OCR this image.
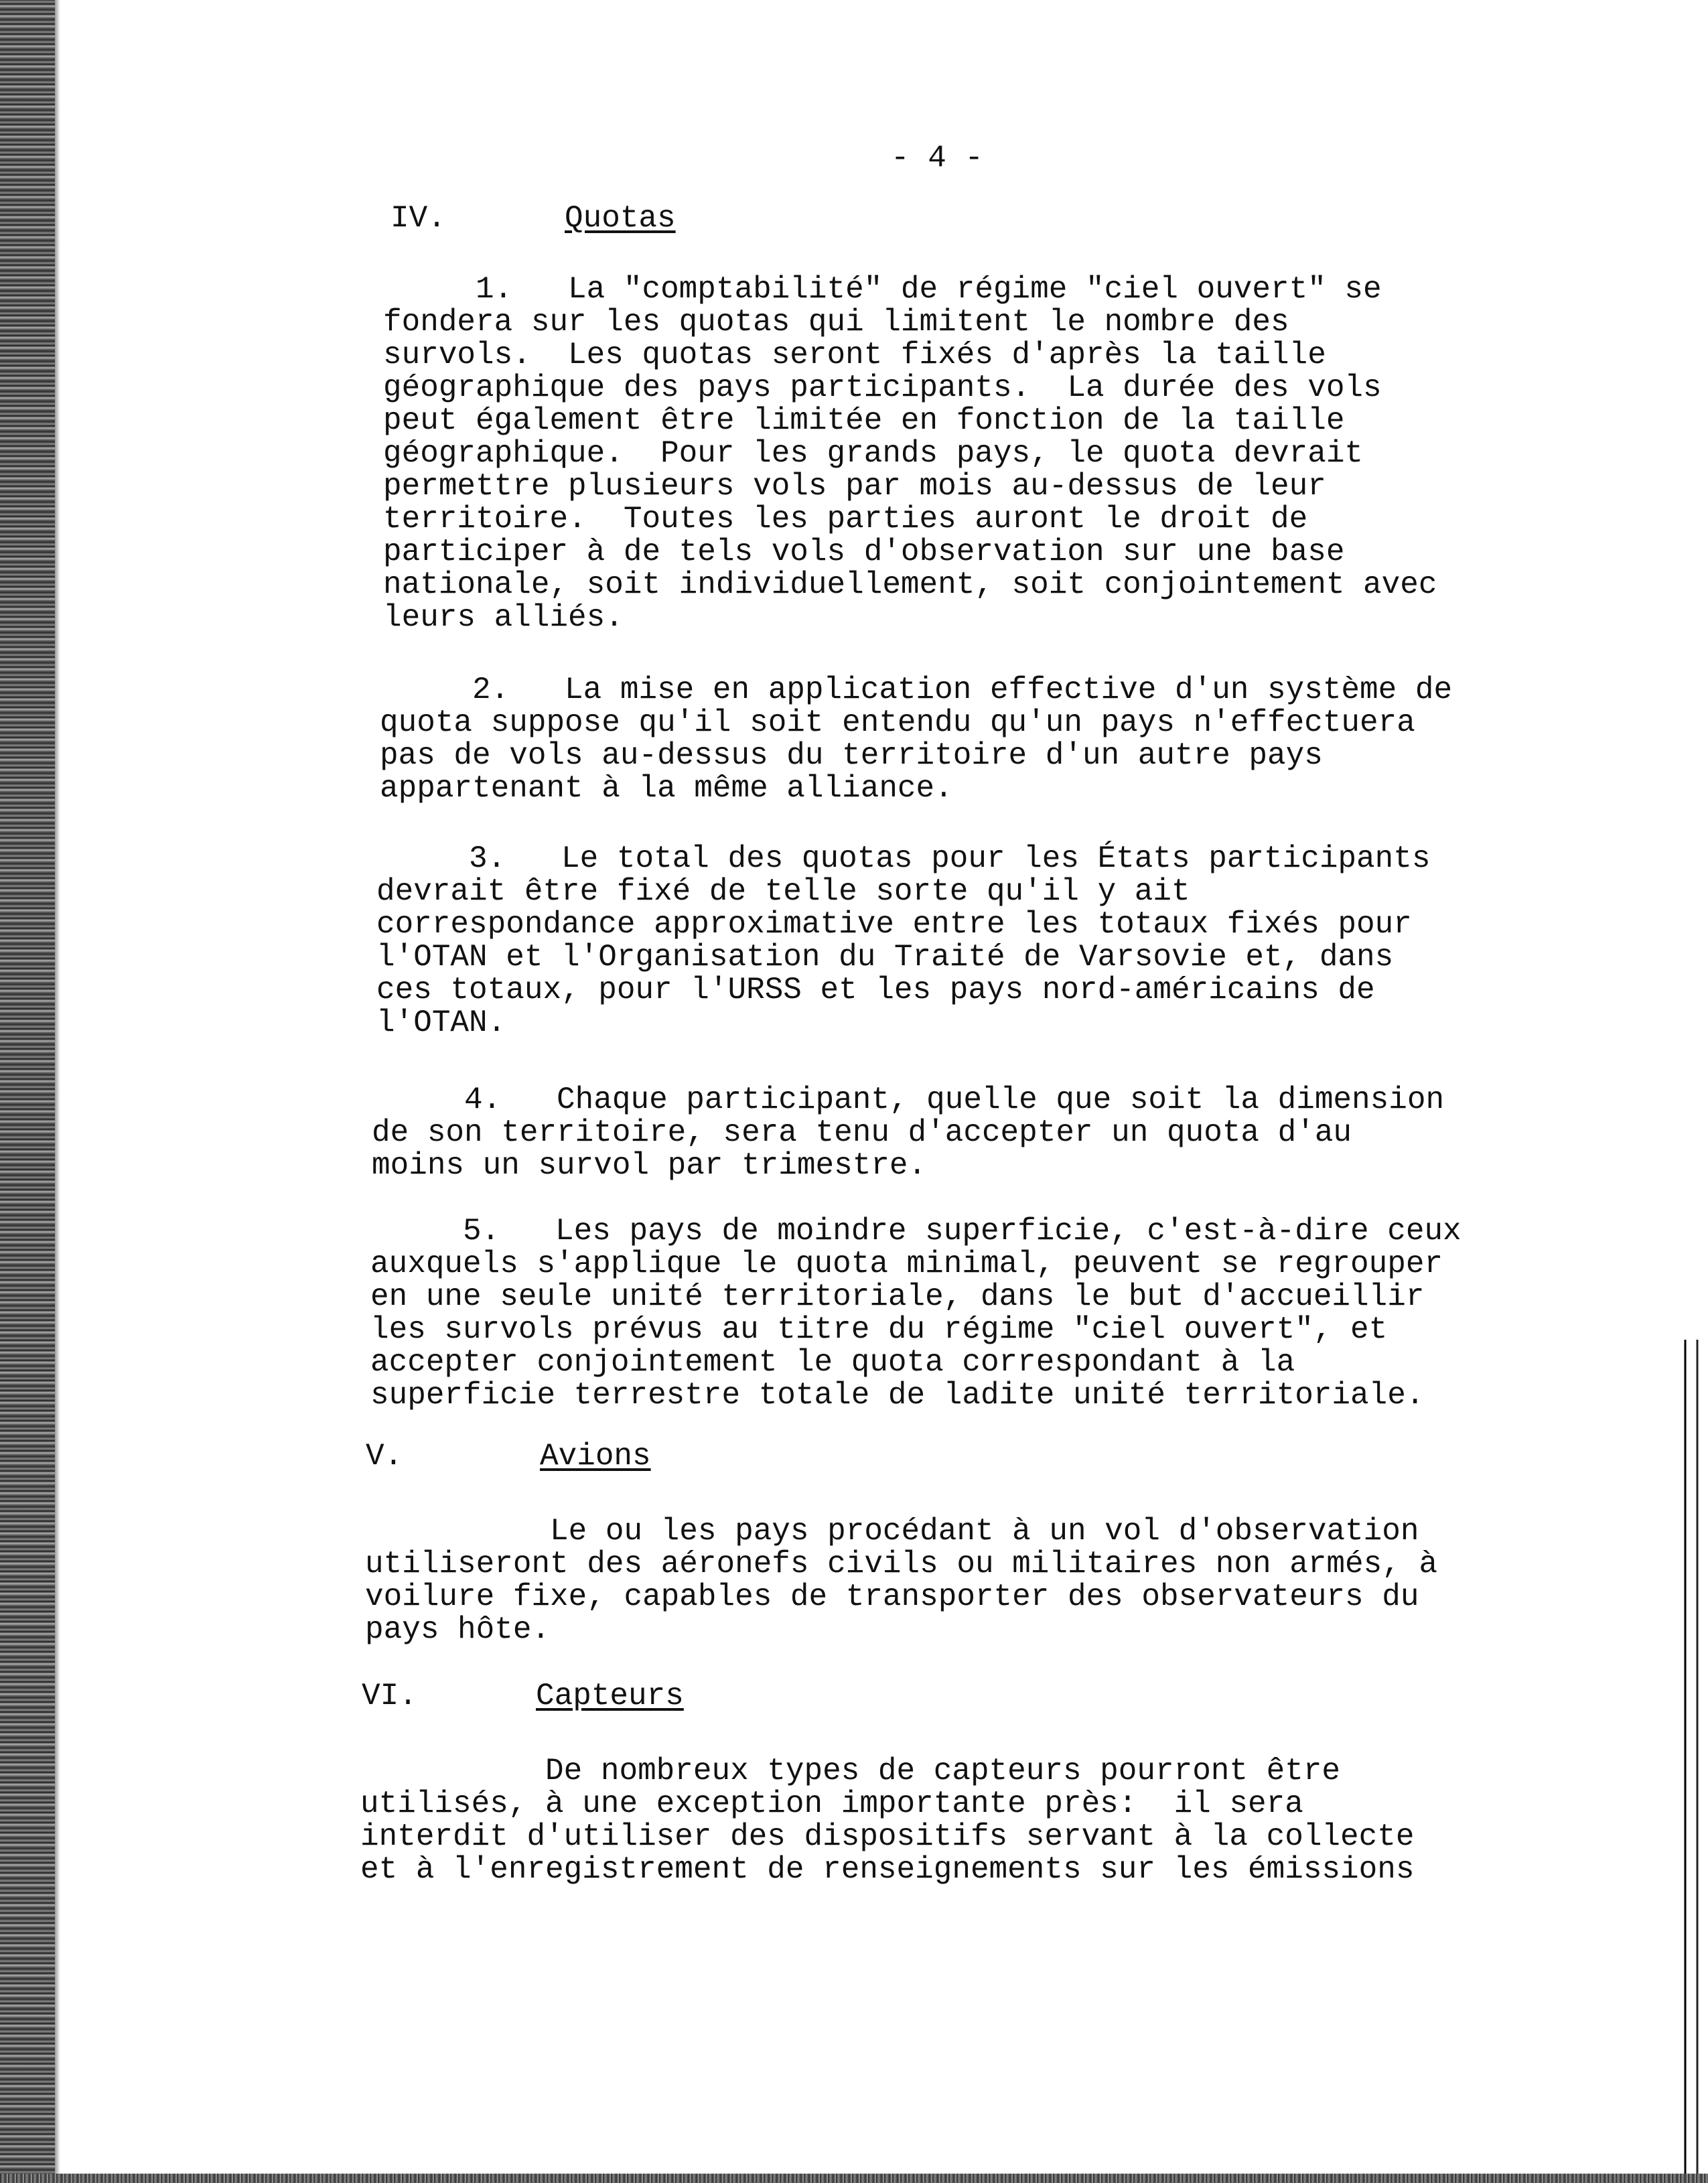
- 4 -

IV.	Quotas

1.   La "comptabilité" de régime "ciel ouvert" se
fondera sur les quotas qui limitent le nombre des
survols.  Les quotas seront fixés d'après la taille
géographique des pays participants.  La durée des vols
peut également être limitée en fonction de la taille
géographique.  Pour les grands pays, le quota devrait
permettre plusieurs vols par mois au-dessus de leur
territoire.  Toutes les parties auront le droit de
participer à de tels vols d'observation sur une base
nationale, soit individuellement, soit conjointement avec
leurs alliés.

2.   La mise en application effective d'un système de
quota suppose qu'il soit entendu qu'un pays n'effectuera
pas de vols au-dessus du territoire d'un autre pays
appartenant à la même alliance.

3.   Le total des quotas pour les États participants
devrait être fixé de telle sorte qu'il y ait
correspondance approximative entre les totaux fixés pour
l'OTAN et l'Organisation du Traité de Varsovie et, dans
ces totaux, pour l'URSS et les pays nord-américains de
l'OTAN.

4.   Chaque participant, quelle que soit la dimension
de son territoire, sera tenu d'accepter un quota d'au
moins un survol par trimestre.

5.   Les pays de moindre superficie, c'est-à-dire ceux
auxquels s'applique le quota minimal, peuvent se regrouper
en une seule unité territoriale, dans le but d'accueillir
les survols prévus au titre du régime "ciel ouvert", et
accepter conjointement le quota correspondant à la
superficie terrestre totale de ladite unité territoriale.

V.	Avions

Le ou les pays procédant à un vol d'observation
utiliseront des aéronefs civils ou militaires non armés, à
voilure fixe, capables de transporter des observateurs du
pays hôte.

VI.	Capteurs

De nombreux types de capteurs pourront être
utilisés, à une exception importante près:  il sera
interdit d'utiliser des dispositifs servant à la collecte
et à l'enregistrement de renseignements sur les émissions
